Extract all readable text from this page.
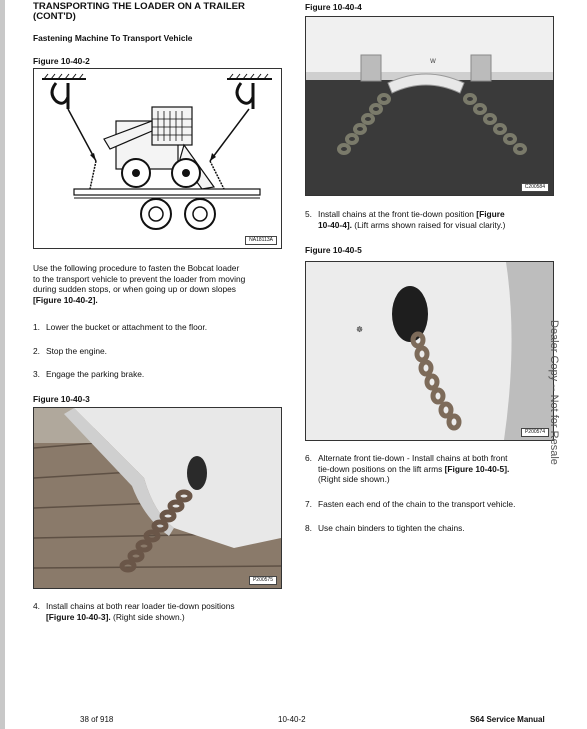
TRANSPORTING THE LOADER ON A TRAILER
(CONT'D)
Fastening Machine To Transport Vehicle
Figure 10-40-2
NA18113A
Use the following procedure to fasten the Bobcat loader
to the transport vehicle to prevent the loader from moving
during sudden stops, or when going up or down slopes
[Figure 10-40-2].
1. Lower the bucket or attachment to the floor.
2. Stop the engine.
3. Engage the parking brake.
Figure 10-40-3
P200575
4. Install chains at both rear loader tie-down positions
[Figure 10-40-3]. (Right side shown.)
Figure 10-40-4
W
C200584
5. Install chains at the front tie-down position [Figure
10-40-4]. (Lift arms shown raised for visual clarity.)
Figure 10-40-5
☸
P200574
6. Alternate front tie-down - Install chains at both front
tie-down positions on the lift arms [Figure 10-40-5].
(Right side shown.)
7. Fasten each end of the chain to the transport vehicle.
8. Use chain binders to tighten the chains.
Dealer Copy -- Not for Resale
38 of 918	10-40-2	S64 Service Manual
